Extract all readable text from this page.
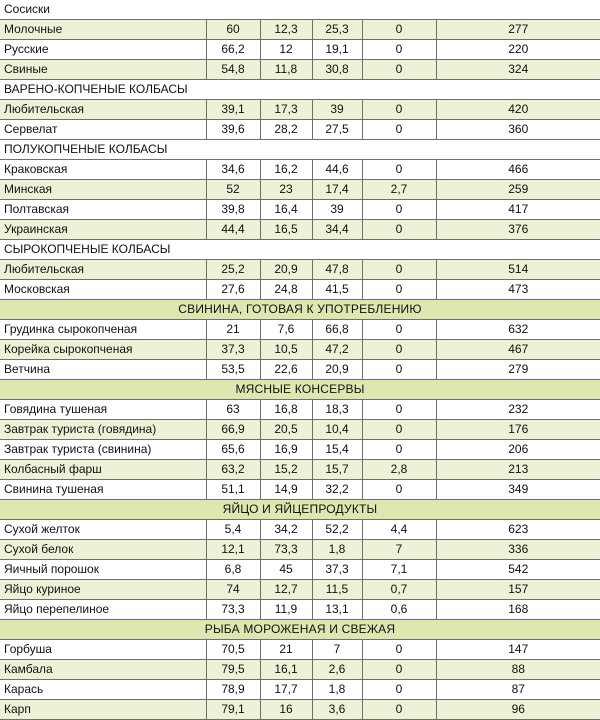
Сосиски					
Молочные	60	12,3	25,3	0	277
Русские	66,2	12	19,1	0	220
Свиные	54,8	11,8	30,8	0	324
ВАРЕНО-КОПЧЕНЫЕ КОЛБАСЫ					
Любительская	39,1	17,3	39	0	420
Сервелат	39,6	28,2	27,5	0	360
ПОЛУКОПЧЕНЫЕ КОЛБАСЫ					
Краковская	34,6	16,2	44,6	0	466
Минская	52	23	17,4	2,7	259
Полтавская	39,8	16,4	39	0	417
Украинская	44,4	16,5	34,4	0	376
СЫРОКОПЧЕНЫЕ КОЛБАСЫ					
Любительская	25,2	20,9	47,8	0	514
Московская	27,6	24,8	41,5	0	473
СВИНИНА, ГОТОВАЯ К УПОТРЕБЛЕНИЮ					
Грудинка сырокопченая	21	7,6	66,8	0	632
Корейка сырокопченая	37,3	10,5	47,2	0	467
Ветчина	53,5	22,6	20,9	0	279
МЯСНЫЕ КОНСЕРВЫ					
Говядина тушеная	63	16,8	18,3	0	232
Завтрак туриста (говядина)	66,9	20,5	10,4	0	176
Завтрак туриста (свинина)	65,6	16,9	15,4	0	206
Колбасный фарш	63,2	15,2	15,7	2,8	213
Свинина тушеная	51,1	14,9	32,2	0	349
ЯЙЦО И ЯЙЦЕПРОДУКТЫ					
Сухой желток	5,4	34,2	52,2	4,4	623
Сухой белок	12,1	73,3	1,8	7	336
Яичный порошок	6,8	45	37,3	7,1	542
Яйцо куриное	74	12,7	11,5	0,7	157
Яйцо перепелиное	73,3	11,9	13,1	0,6	168
РЫБА МОРОЖЕНАЯ И СВЕЖАЯ					
Горбуша	70,5	21	7	0	147
Камбала	79,5	16,1	2,6	0	88
Карась	78,9	17,7	1,8	0	87
Карп	79,1	16	3,6	0	96
